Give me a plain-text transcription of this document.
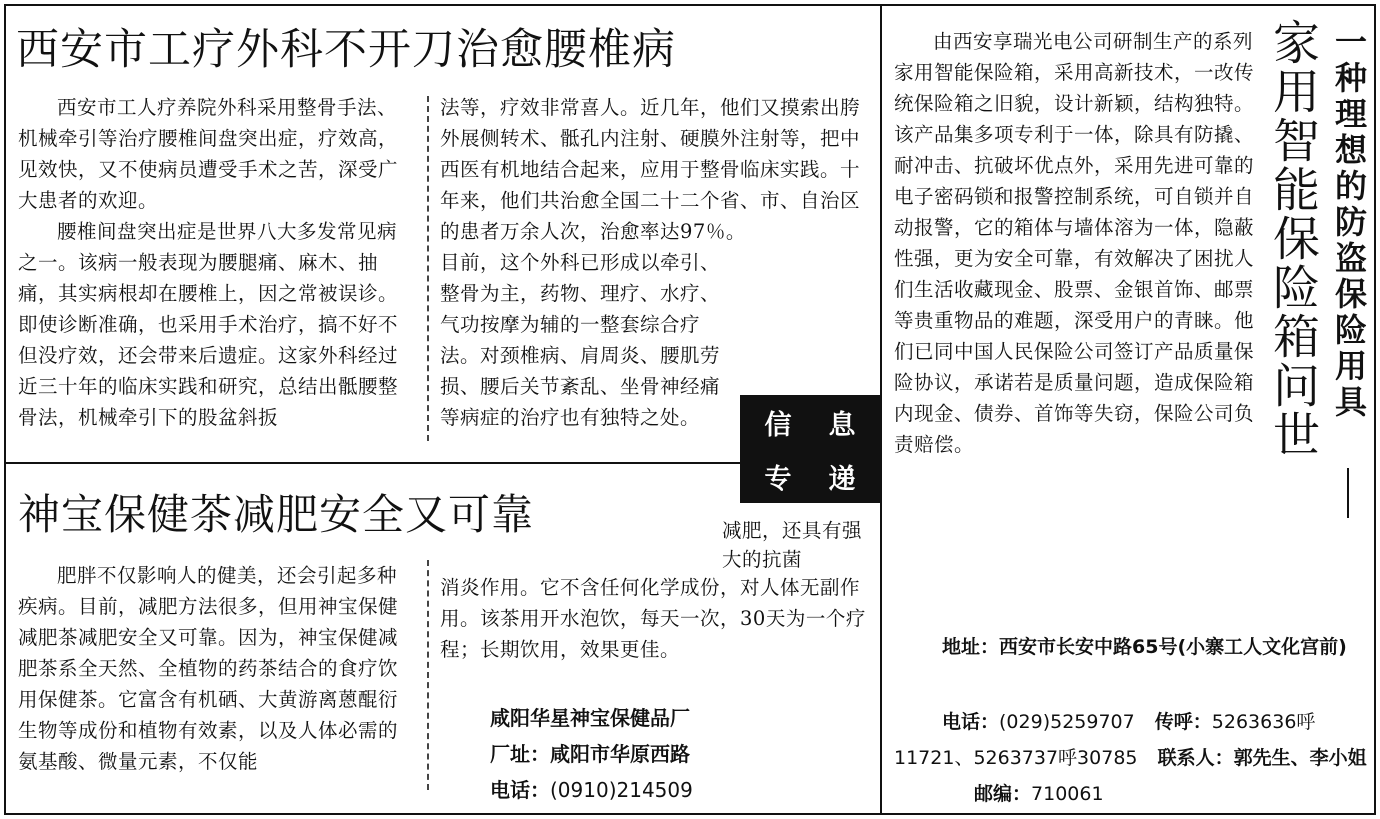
西安市工疗外科不开刀治愈腰椎病

西安市工人疗养院外科采用整骨手法、机械牵引等治疗腰椎间盘突出症，疗效高，见效快，又不使病员遭受手术之苦，深受广大患者的欢迎。

腰椎间盘突出症是世界八大多发常见病之一。该病一般表现为腰腿痛、麻木、抽痛，其实病根却在腰椎上，因之常被误诊。即使诊断准确，也采用手术治疗，搞不好不但没疗效，还会带来后遗症。这家外科经过近三十年的临床实践和研究，总结出骶腰整骨法，机械牵引下的股盆斜扳

法等，疗效非常喜人。近几年，他们又摸索出胯外展侧转术、骶孔内注射、硬膜外注射等，把中西医有机地结合起来，应用于整骨临床实践。十年来，他们共治愈全国二十二个省、市、自治区的患者万余人次，治愈率达97％。

目前，这个外科已形成以牵引、整骨为主，药物、理疗、水疗、气功按摩为辅的一整套综合疗法。对颈椎病、肩周炎、腰肌劳损、腰后关节紊乱、坐骨神经痛等病症的治疗也有独特之处。	信 息
专 递
神宝保健茶减肥安全又可靠	减肥，还具有强大的抗菌

肥胖不仅影响人的健美，还会引起多种疾病。目前，减肥方法很多，但用神宝保健减肥茶减肥安全又可靠。因为，神宝保健减肥茶系全天然、全植物的药茶结合的食疗饮用保健茶。它富含有机硒、大黄游离蒽醌衍生物等成份和植物有效素，以及人体必需的氨基酸、微量元素，不仅能

消炎作用。它不含任何化学成份，对人体无副作用。该茶用开水泡饮，每天一次，30天为一个疗程；长期饮用，效果更佳。

咸阳华星神宝保健品厂
厂址：咸阳市华原西路
电话：(0910)214509

由西安享瑞光电公司研制生产的系列家用智能保险箱，采用高新技术，一改传统保险箱之旧貌，设计新颖，结构独特。该产品集多项专利于一体，除具有防撬、耐冲击、抗破坏优点外，采用先进可靠的电子密码锁和报警控制系统，可自锁并自动报警，它的箱体与墙体溶为一体，隐蔽性强，更为安全可靠，有效解决了困扰人们生活收藏现金、股票、金银首饰、邮票等贵重物品的难题，深受用户的青睐。他们已同中国人民保险公司签订产品质量保险协议，承诺若是质量问题，造成保险箱内现金、债券、首饰等失窃，保险公司负责赔偿。	家用智能保险箱问世 一种理想的防盗保险用具
地址：西安市长安中路65号(小寨工人文化宫前)
电话：(029)5259707 传呼：5263636呼11721、5263737呼30785 联系人：郭先生、李小姐 邮编：710061
